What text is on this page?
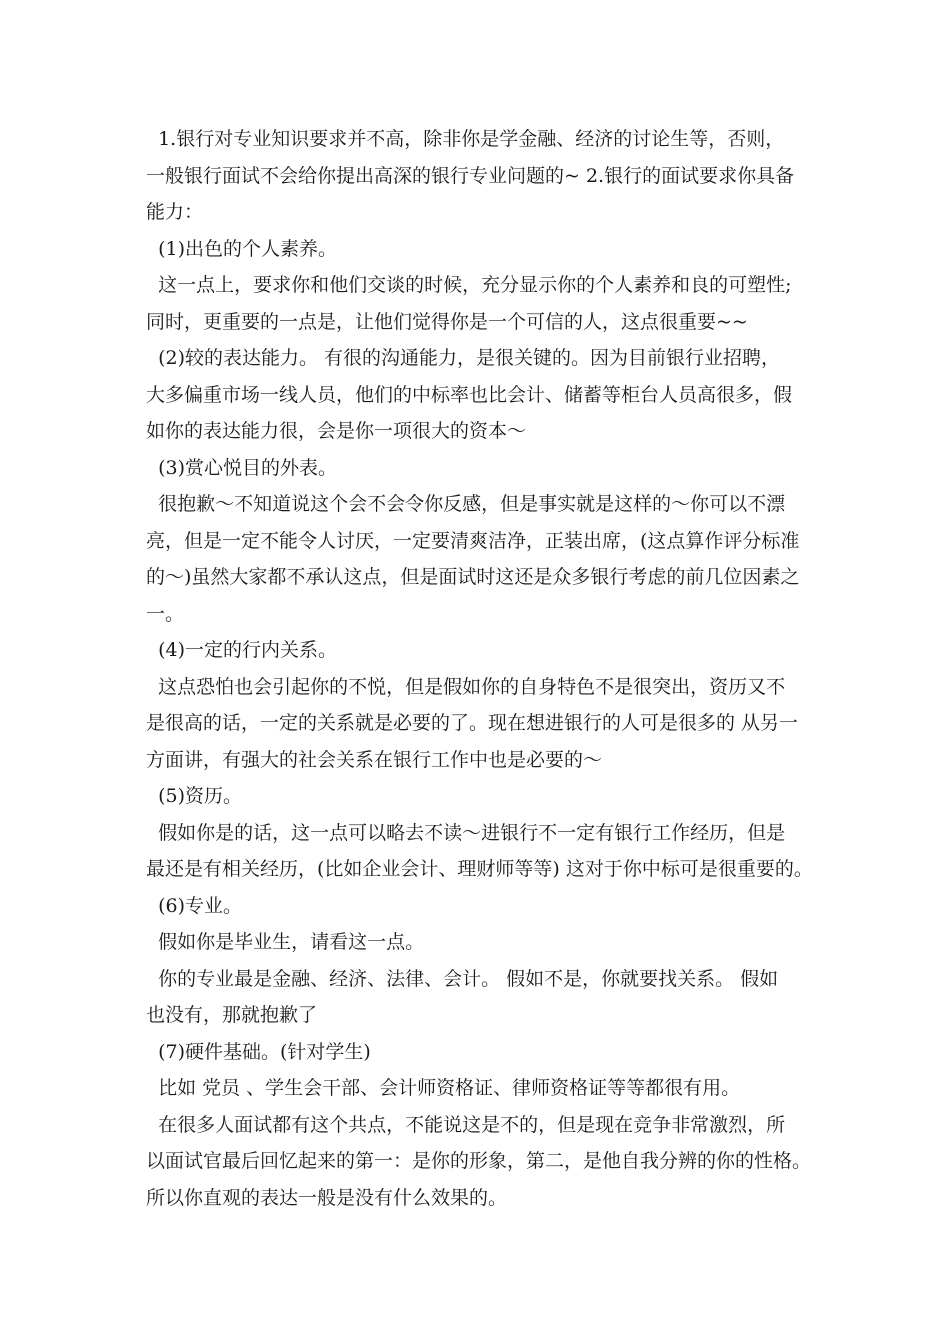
1.银行对专业知识要求并不高，除非你是学金融、经济的讨论生等，否则，
一般银行面试不会给你提出高深的银行专业问题的~ 2.银行的面试要求你具备
能力：
(1)出色的个人素养。
这一点上，要求你和他们交谈的时候，充分显示你的个人素养和良的可塑性;
同时，更重要的一点是，让他们觉得你是一个可信的人，这点很重要~~
(2)较的表达能力。 有很的沟通能力，是很关键的。因为目前银行业招聘，
大多偏重市场一线人员，他们的中标率也比会计、储蓄等柜台人员高很多，假
如你的表达能力很，会是你一项很大的资本～
(3)赏心悦目的外表。
很抱歉～不知道说这个会不会令你反感，但是事实就是这样的～你可以不漂
亮，但是一定不能令人讨厌，一定要清爽洁净，正装出席，(这点算作评分标准
的～)虽然大家都不承认这点，但是面试时这还是众多银行考虑的前几位因素之
一。
(4)一定的行内关系。
这点恐怕也会引起你的不悦，但是假如你的自身特色不是很突出，资历又不
是很高的话，一定的关系就是必要的了。现在想进银行的人可是很多的 从另一
方面讲，有强大的社会关系在银行工作中也是必要的～
(5)资历。
假如你是的话，这一点可以略去不读～进银行不一定有银行工作经历，但是
最还是有相关经历，(比如企业会计、理财师等等) 这对于你中标可是很重要的。
(6)专业。
假如你是毕业生，请看这一点。
你的专业最是金融、经济、法律、会计。 假如不是，你就要找关系。 假如
也没有，那就抱歉了
(7)硬件基础。(针对学生)
比如 党员 、学生会干部、会计师资格证、律师资格证等等都很有用。
在很多人面试都有这个共点，不能说这是不的，但是现在竞争非常激烈，所
以面试官最后回忆起来的第一：是你的形象，第二，是他自我分辨的你的性格。
所以你直观的表达一般是没有什么效果的。
